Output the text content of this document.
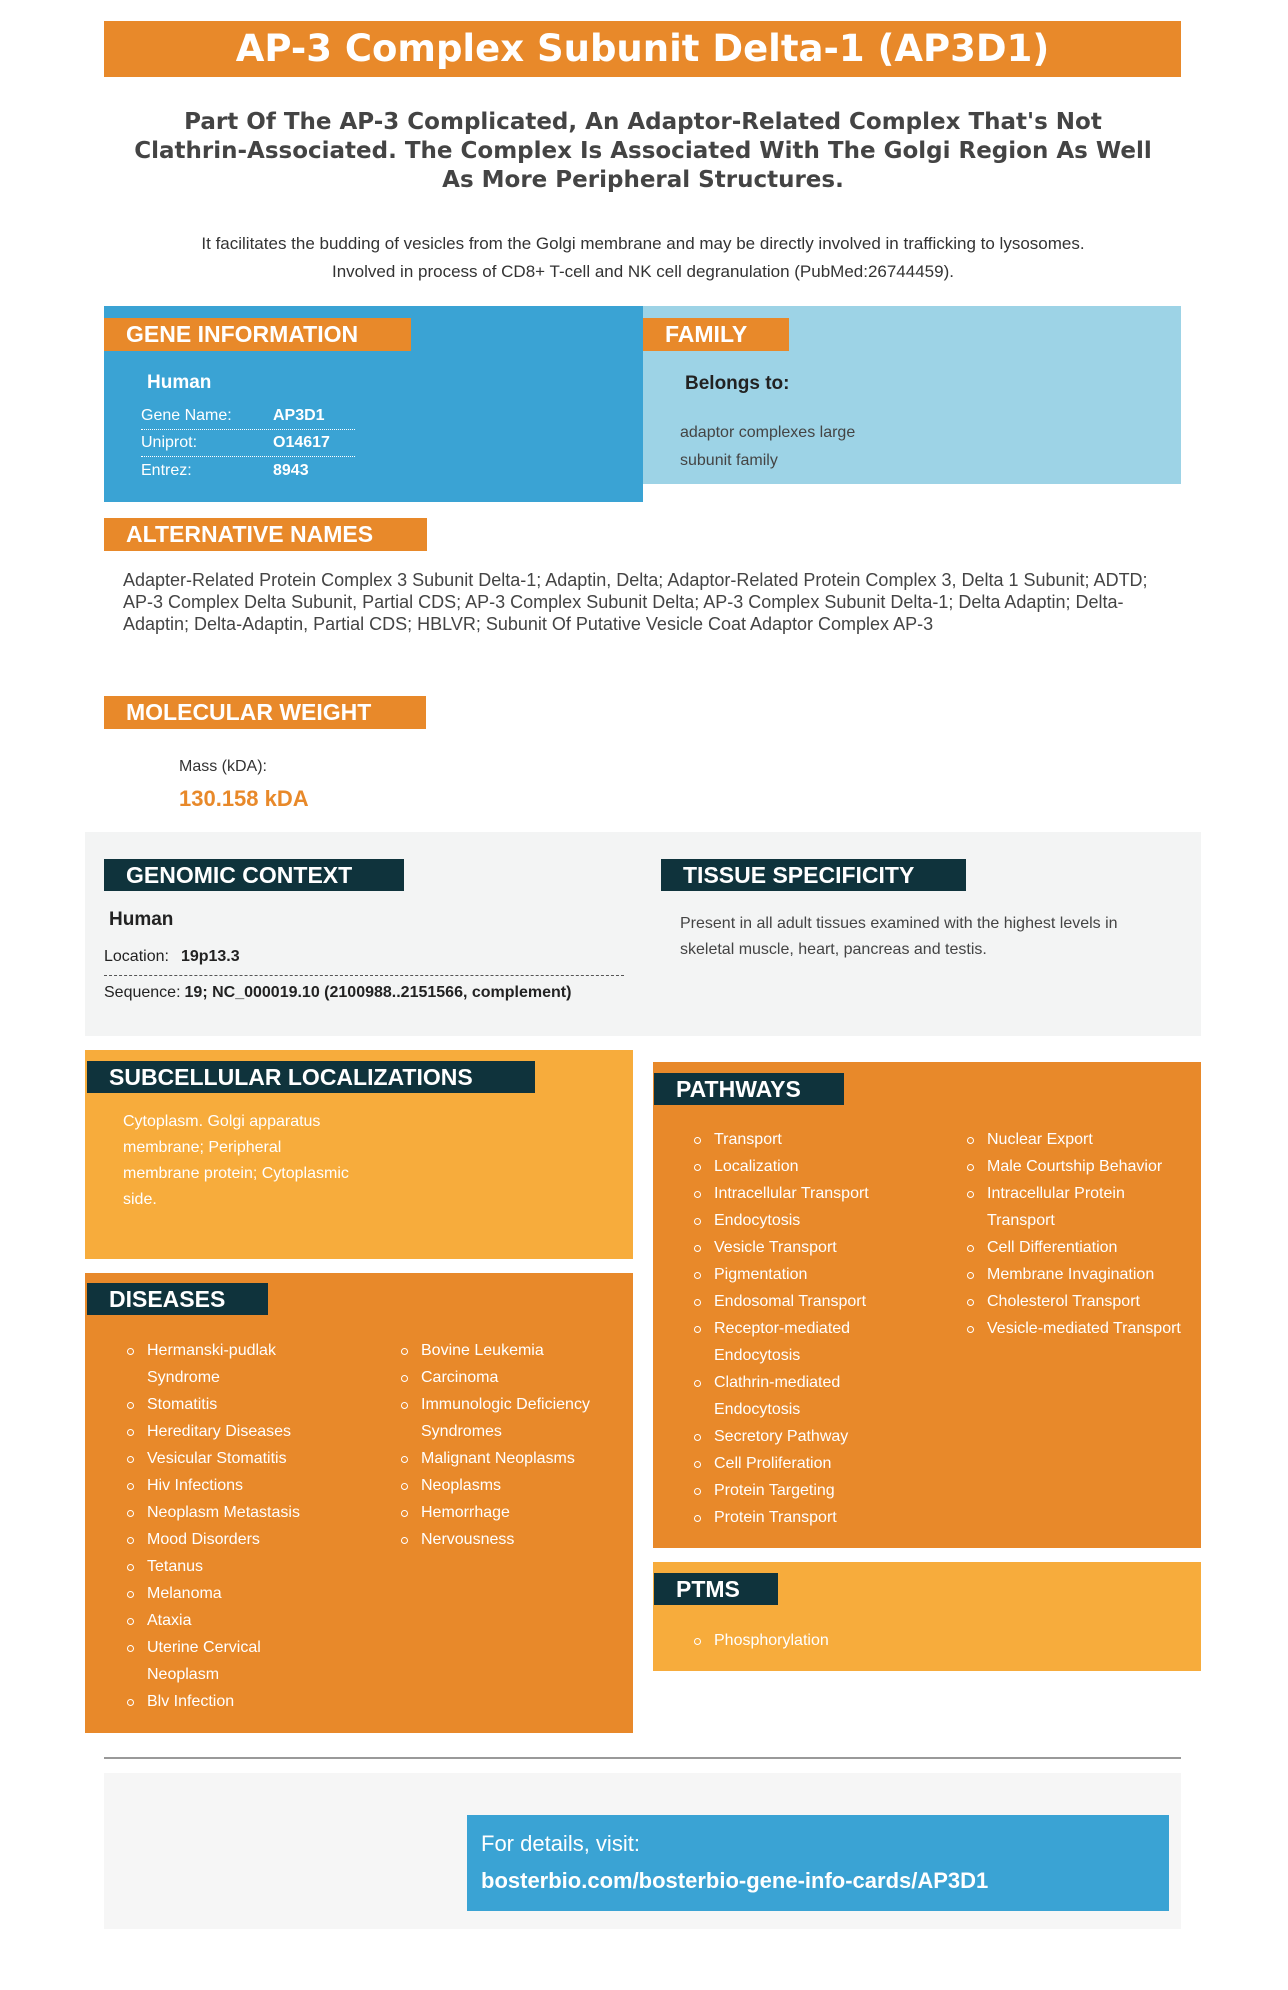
AP-3 Complex Subunit Delta-1 (AP3D1)
Part Of The AP-3 Complicated, An Adaptor-Related Complex That's Not Clathrin-Associated. The Complex Is Associated With The Golgi Region As Well As More Peripheral Structures.
It facilitates the budding of vesicles from the Golgi membrane and may be directly involved in trafficking to lysosomes.
Involved in process of CD8+ T-cell and NK cell degranulation (PubMed:26744459).
GENE INFORMATION
Human
Gene Name:	AP3D1
Uniprot:	O14617
Entrez:	8943
FAMILY
Belongs to:
adaptor complexes large
subunit family
ALTERNATIVE NAMES
Adapter-Related Protein Complex 3 Subunit Delta-1; Adaptin, Delta; Adaptor-Related Protein Complex 3, Delta 1 Subunit; ADTD; AP-3 Complex Delta Subunit, Partial CDS; AP-3 Complex Subunit Delta; AP-3 Complex Subunit Delta-1; Delta Adaptin; Delta-Adaptin; Delta-Adaptin, Partial CDS; HBLVR; Subunit Of Putative Vesicle Coat Adaptor Complex AP-3
MOLECULAR WEIGHT
Mass (kDA):
130.158 kDA
GENOMIC CONTEXT
Human
Location: 19p13.3
Sequence: 19; NC_000019.10 (2100988..2151566, complement)
TISSUE SPECIFICITY
Present in all adult tissues examined with the highest levels in skeletal muscle, heart, pancreas and testis.
SUBCELLULAR LOCALIZATIONS
Cytoplasm. Golgi apparatus membrane; Peripheral membrane protein; Cytoplasmic side.
DISEASES
Hermanski-pudlak Syndrome
Stomatitis
Hereditary Diseases
Vesicular Stomatitis
Hiv Infections
Neoplasm Metastasis
Mood Disorders
Tetanus
Melanoma
Ataxia
Uterine Cervical Neoplasm
Blv Infection
Bovine Leukemia
Carcinoma
Immunologic Deficiency Syndromes
Malignant Neoplasms
Neoplasms
Hemorrhage
Nervousness
PATHWAYS
Transport
Localization
Intracellular Transport
Endocytosis
Vesicle Transport
Pigmentation
Endosomal Transport
Receptor-mediated Endocytosis
Clathrin-mediated Endocytosis
Secretory Pathway
Cell Proliferation
Protein Targeting
Protein Transport
Nuclear Export
Male Courtship Behavior
Intracellular Protein Transport
Cell Differentiation
Membrane Invagination
Cholesterol Transport
Vesicle-mediated Transport
PTMS
Phosphorylation
For details, visit:
bosterbio.com/bosterbio-gene-info-cards/AP3D1
